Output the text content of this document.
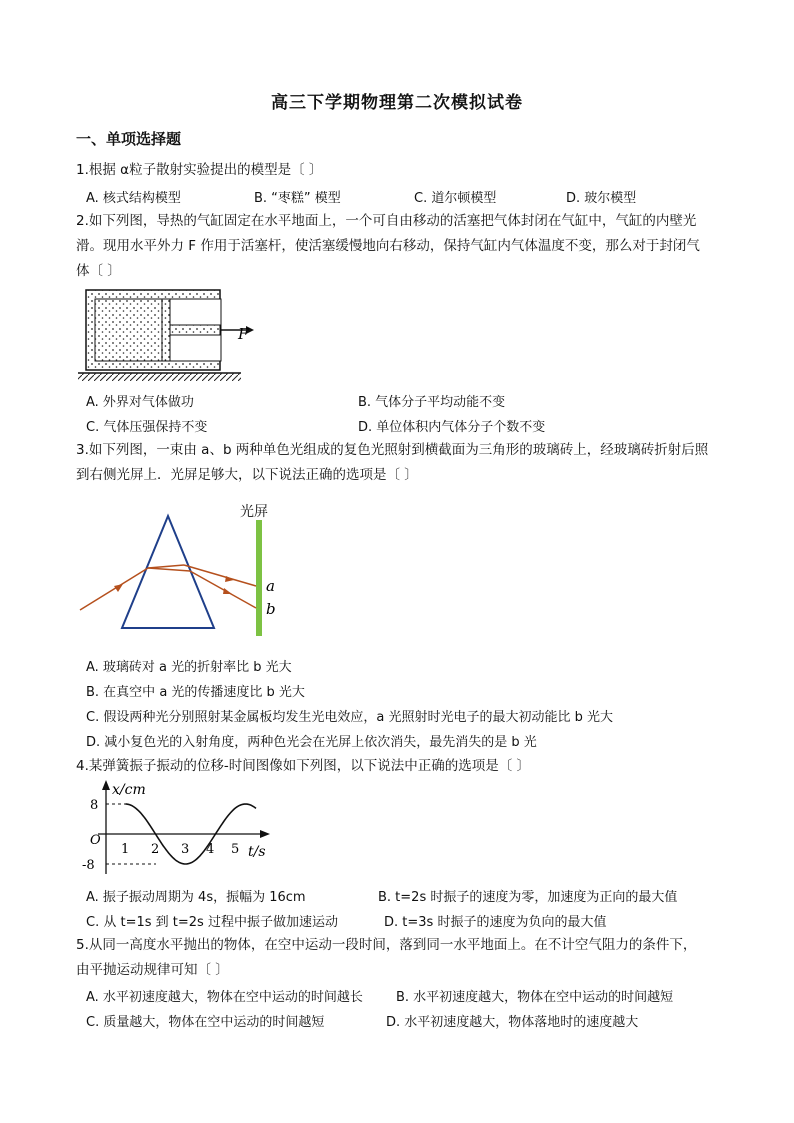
高三下学期物理第二次模拟试卷
一、单项选择题
1.根据 α粒子散射实验提出的模型是〔 〕
A. 核式结构模型	B. “枣糕” 模型	C. 道尔顿模型	D. 玻尔模型
2.如下列图，导热的气缸固定在水平地面上，一个可自由移动的活塞把气体封闭在气缸中，气缸的内壁光
滑。现用水平外力 F 作用于活塞杆，使活塞缓慢地向右移动，保持气缸内气体温度不变，那么对于封闭气
体〔 〕
F
A. 外界对气体做功	B. 气体分子平均动能不变
C. 气体压强保持不变	D. 单位体积内气体分子个数不变
3.如下列图，一束由 a、b 两种单色光组成的复色光照射到横截面为三角形的玻璃砖上，经玻璃砖折射后照
到右侧光屏上．光屏足够大，以下说法正确的选项是〔 〕
光屏
a
b
A. 玻璃砖对 a 光的折射率比 b 光大
B. 在真空中 a 光的传播速度比 b 光大
C. 假设两种光分别照射某金属板均发生光电效应，a 光照射时光电子的最大初动能比 b 光大
D. 减小复色光的入射角度，两种色光会在光屏上依次消失，最先消失的是 b 光
4.某弹簧振子振动的位移-时间图像如下列图，以下说法中正确的选项是〔 〕
x/cm
t/s
8
-8
O
1 2 3 4 5
A. 振子振动周期为 4s，振幅为 16cm	B. t=2s 时振子的速度为零，加速度为正向的最大值
C. 从 t=1s 到 t=2s 过程中振子做加速运动	D. t=3s 时振子的速度为负向的最大值
5.从同一高度水平抛出的物体，在空中运动一段时间，落到同一水平地面上。在不计空气阻力的条件下，
由平抛运动规律可知〔 〕
A. 水平初速度越大，物体在空中运动的时间越长	B. 水平初速度越大，物体在空中运动的时间越短
C. 质量越大，物体在空中运动的时间越短	D. 水平初速度越大，物体落地时的速度越大
